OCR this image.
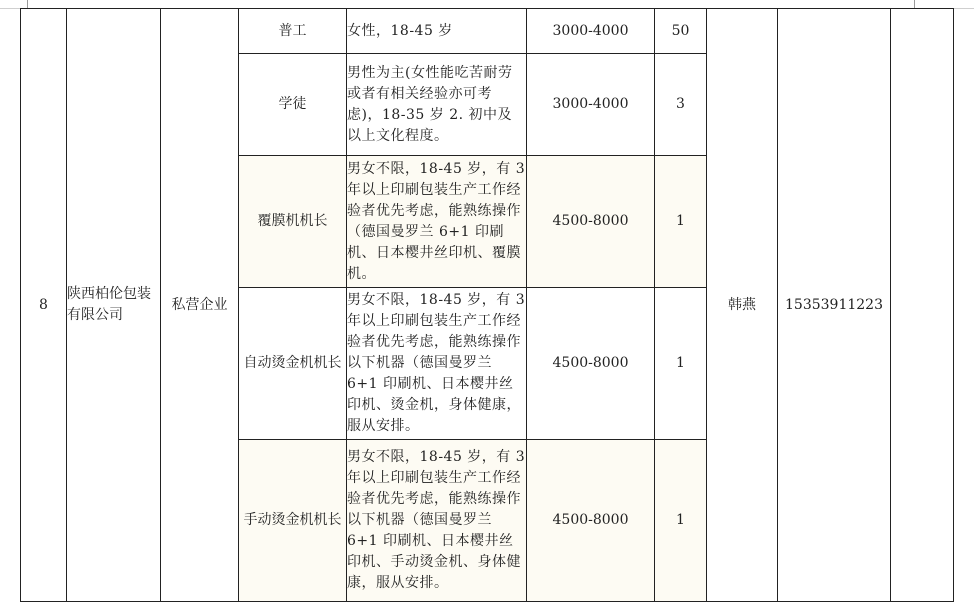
8	陕西柏伦包装有限公司	私营企业	普工	女性，18-45 岁	3000-4000	50	韩燕	15353911223	
			学徒	男性为主(女性能吃苦耐劳或者有相关经验亦可考虑)，18-35 岁 2. 初中及以上文化程度。	3000-4000	3			
			覆膜机机长	男女不限，18-45 岁，有 3 年以上印刷包装生产工作经验者优先考虑，能熟练操作（德国曼罗兰 6+1 印刷机、日本樱井丝印机、覆膜机。	4500-8000	1			
			自动烫金机机长	男女不限，18-45 岁，有 3 年以上印刷包装生产工作经验者优先考虑，能熟练操作以下机器（德国曼罗兰 6+1 印刷机、日本樱井丝印机、烫金机，身体健康，服从安排。	4500-8000	1			
			手动烫金机机长	男女不限，18-45 岁，有 3 年以上印刷包装生产工作经验者优先考虑，能熟练操作以下机器（德国曼罗兰 6+1 印刷机、日本樱井丝印机、手动烫金机、身体健康，服从安排。	4500-8000	1			
